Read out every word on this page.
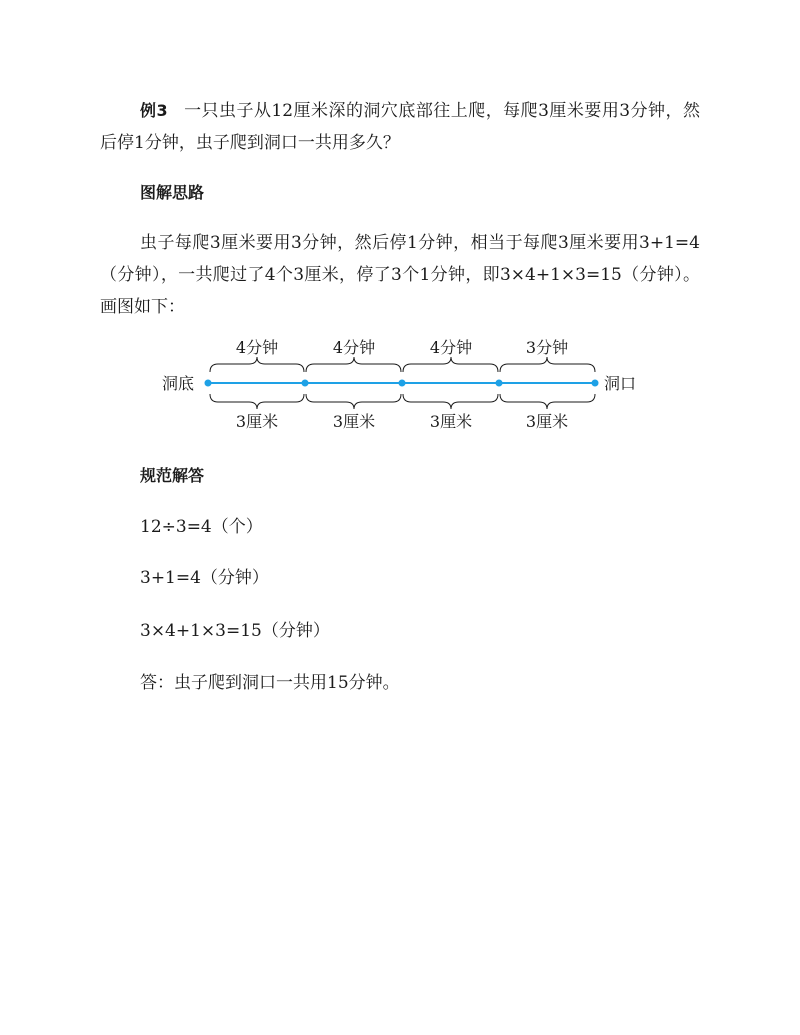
例3 一只虫子从12厘米深的洞穴底部往上爬，每爬3厘米要用3分钟，然后停1分钟，虫子爬到洞口一共用多久？

图解思路

虫子每爬3厘米要用3分钟，然后停1分钟，相当于每爬3厘米要用3+1=4（分钟），一共爬过了4个3厘米，停了3个1分钟，即3×4+1×3=15（分钟）。画图如下：

4分钟	4分钟	4分钟	3分钟
洞底	洞口
3厘米	3厘米	3厘米	3厘米
规范解答
12÷3=4（个）
3+1=4（分钟）
3×4+1×3=15（分钟）
答：虫子爬到洞口一共用15分钟。
